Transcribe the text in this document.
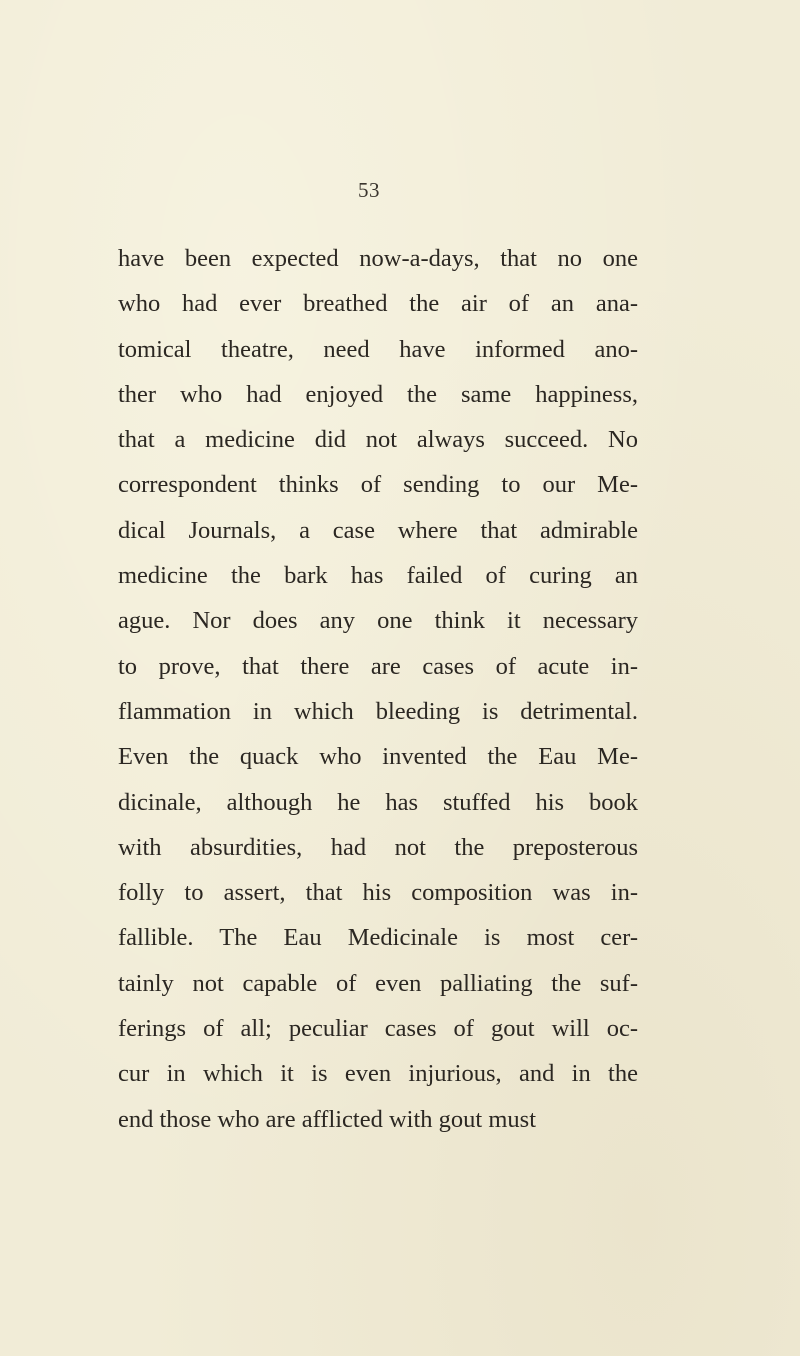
53
have been expected now-a-days, that no one
who had ever breathed the air of an ana-
tomical theatre, need have informed ano-
ther who had enjoyed the same happiness,
that a medicine did not always succeed. No
correspondent thinks of sending to our Me-
dical Journals, a case where that admirable
medicine the bark has failed of curing an
ague. Nor does any one think it necessary
to prove, that there are cases of acute in-
flammation in which bleeding is detrimental.
Even the quack who invented the Eau Me-
dicinale, although he has stuffed his book
with absurdities, had not the preposterous
folly to assert, that his composition was in-
fallible. The Eau Medicinale is most cer-
tainly not capable of even palliating the suf-
ferings of all; peculiar cases of gout will oc-
cur in which it is even injurious, and in the
end those who are afflicted with gout must
